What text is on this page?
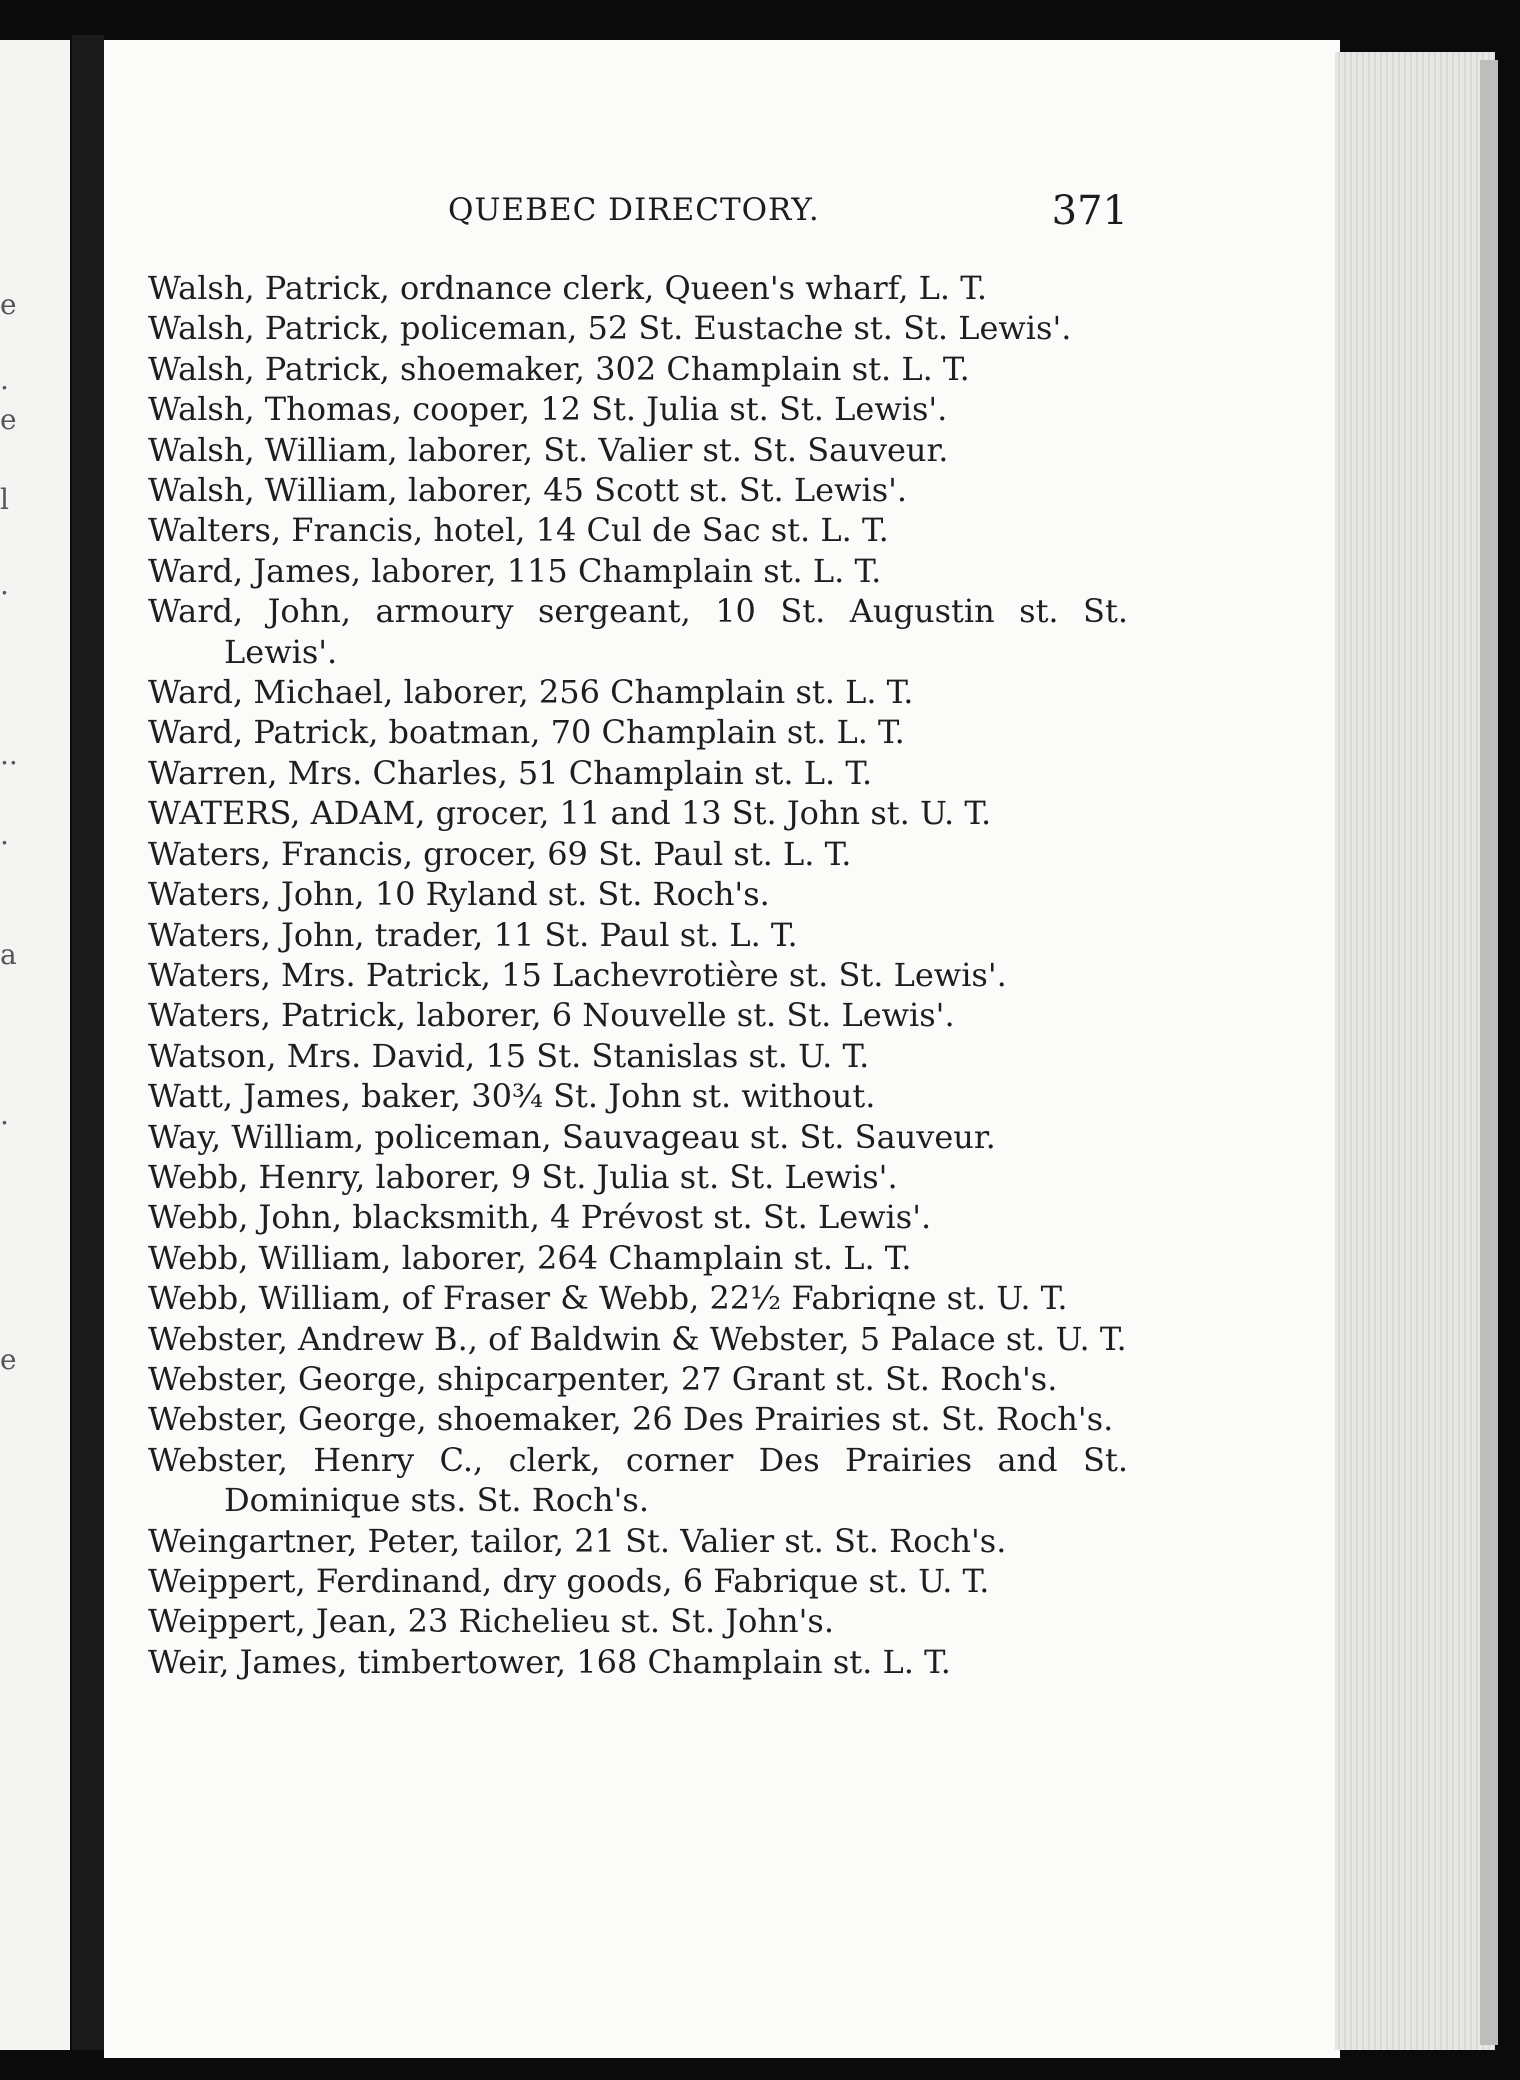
e
.
e
l
.
..
.
a
.
e
QUEBEC DIRECTORY.	371
Walsh, Patrick, ordnance clerk, Queen's wharf, L. T.
Walsh, Patrick, policeman, 52 St. Eustache st. St. Lewis'.
Walsh, Patrick, shoemaker, 302 Champlain st. L. T.
Walsh, Thomas, cooper, 12 St. Julia st. St. Lewis'.
Walsh, William, laborer, St. Valier st. St. Sauveur.
Walsh, William, laborer, 45 Scott st. St. Lewis'.
Walters, Francis, hotel, 14 Cul de Sac st. L. T.
Ward, James, laborer, 115 Champlain st. L. T.
Ward, John, armoury sergeant, 10 St. Augustin st. St. Lewis'.
Ward, Michael, laborer, 256 Champlain st. L. T.
Ward, Patrick, boatman, 70 Champlain st. L. T.
Warren, Mrs. Charles, 51 Champlain st. L. T.
WATERS, ADAM, grocer, 11 and 13 St. John st. U. T.
Waters, Francis, grocer, 69 St. Paul st. L. T.
Waters, John, 10 Ryland st. St. Roch's.
Waters, John, trader, 11 St. Paul st. L. T.
Waters, Mrs. Patrick, 15 Lachevrotière st. St. Lewis'.
Waters, Patrick, laborer, 6 Nouvelle st. St. Lewis'.
Watson, Mrs. David, 15 St. Stanislas st. U. T.
Watt, James, baker, 30¾ St. John st. without.
Way, William, policeman, Sauvageau st. St. Sauveur.
Webb, Henry, laborer, 9 St. Julia st. St. Lewis'.
Webb, John, blacksmith, 4 Prévost st. St. Lewis'.
Webb, William, laborer, 264 Champlain st. L. T.
Webb, William, of Fraser & Webb, 22½ Fabriqne st. U. T.
Webster, Andrew B., of Baldwin & Webster, 5 Palace st. U. T.
Webster, George, shipcarpenter, 27 Grant st. St. Roch's.
Webster, George, shoemaker, 26 Des Prairies st. St. Roch's.
Webster, Henry C., clerk, corner Des Prairies and St. Dominique sts. St. Roch's.
Weingartner, Peter, tailor, 21 St. Valier st. St. Roch's.
Weippert, Ferdinand, dry goods, 6 Fabrique st. U. T.
Weippert, Jean, 23 Richelieu st. St. John's.
Weir, James, timbertower, 168 Champlain st. L. T.
